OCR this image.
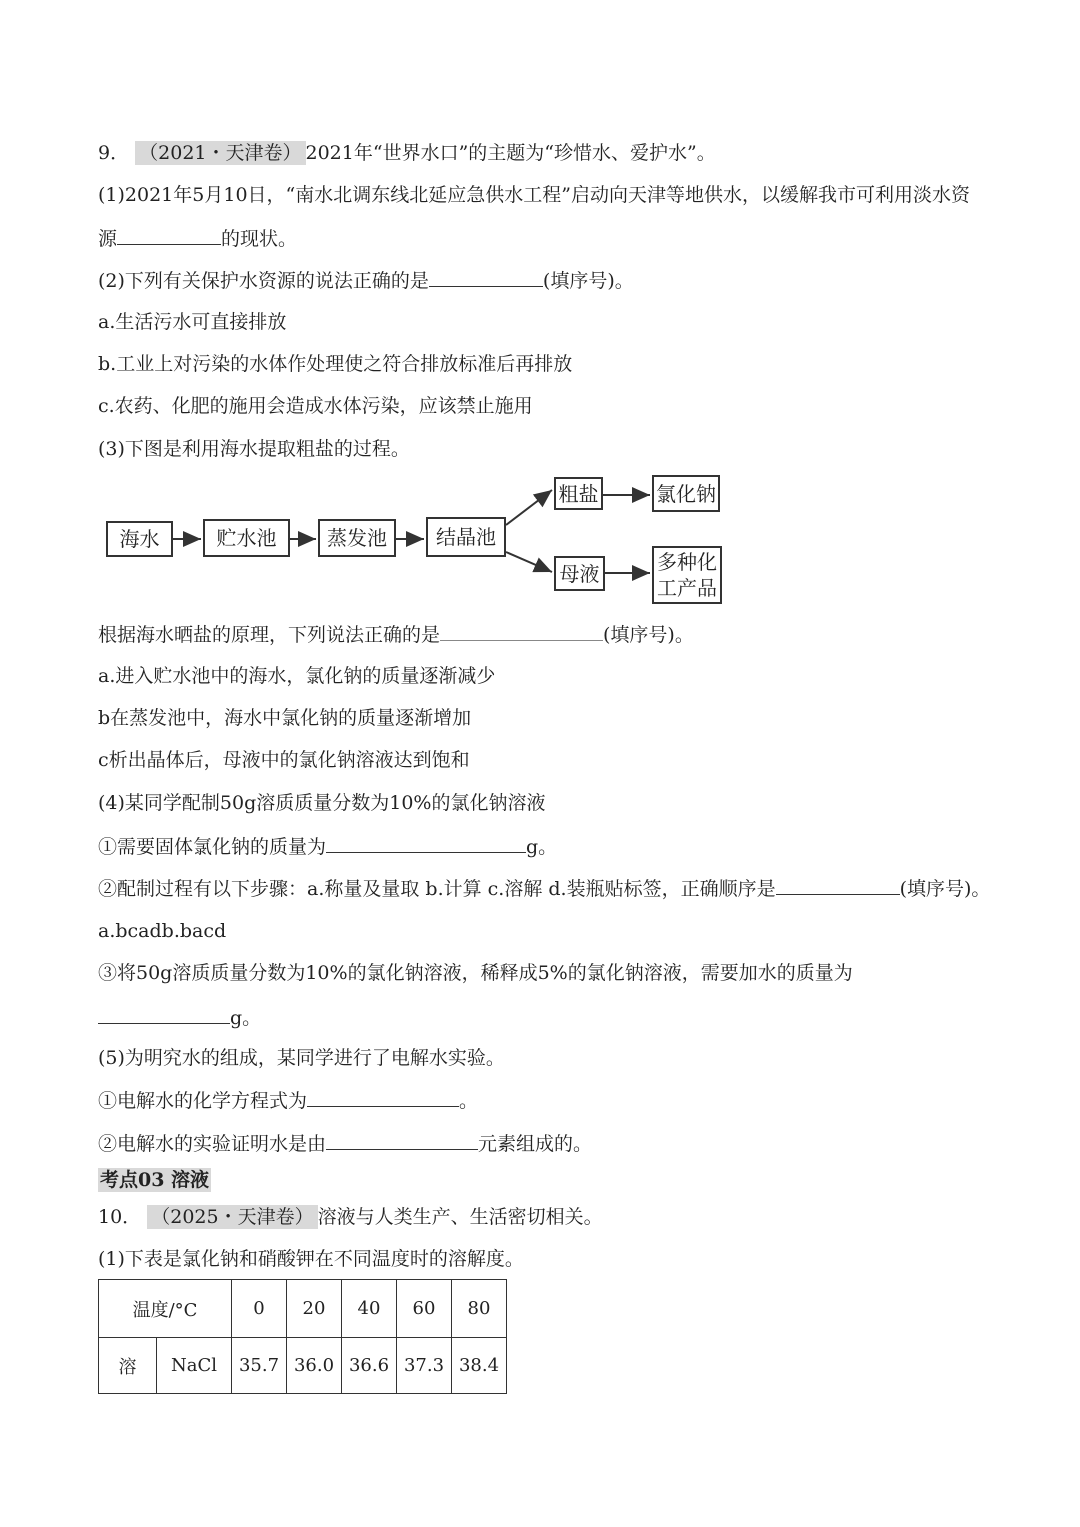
9． （2021・天津卷） 2021年“世界水口”的主题为“珍惜水、爱护水”。
(1)2021年5月10日，“南水北调东线北延应急供水工程”启动向天津等地供水，以缓解我市可利用淡水资
源	的现状。
(2)下列有关保护水资源的说法正确的是	(填序号)。
a.生活污水可直接排放
b.工业上对污染的水体作处理使之符合排放标准后再排放
c.农药、化肥的施用会造成水体污染，应该禁止施用
(3)下图是利用海水提取粗盐的过程。
海水	贮水池	蒸发池	结晶池
粗盐	氯化钠
母液	多种化
工产品
根据海水晒盐的原理，下列说法正确的是	(填序号)。
a.进入贮水池中的海水，氯化钠的质量逐渐减少
b在蒸发池中，海水中氯化钠的质量逐渐增加
c析出晶体后，母液中的氯化钠溶液达到饱和
(4)某同学配制50g溶质质量分数为10%的氯化钠溶液
①需要固体氯化钠的质量为	g。
②配制过程有以下步骤：a.称量及量取 b.计算 c.溶解 d.装瓶贴标签，正确顺序是	(填序号)。
a.bcadb.bacd
③将50g溶质质量分数为10%的氯化钠溶液，稀释成5%的氯化钠溶液，需要加水的质量为
g。
(5)为明究水的组成，某同学进行了电解水实验。
①电解水的化学方程式为	。
②电解水的实验证明水是由	元素组成的。
考点03 溶液
10． （2025・天津卷） 溶液与人类生产、生活密切相关。
(1)下表是氯化钠和硝酸钾在不同温度时的溶解度。
温度/°C		0	20	40	60	80
溶	NaCl	35.7	36.0	36.6	37.3	38.4
